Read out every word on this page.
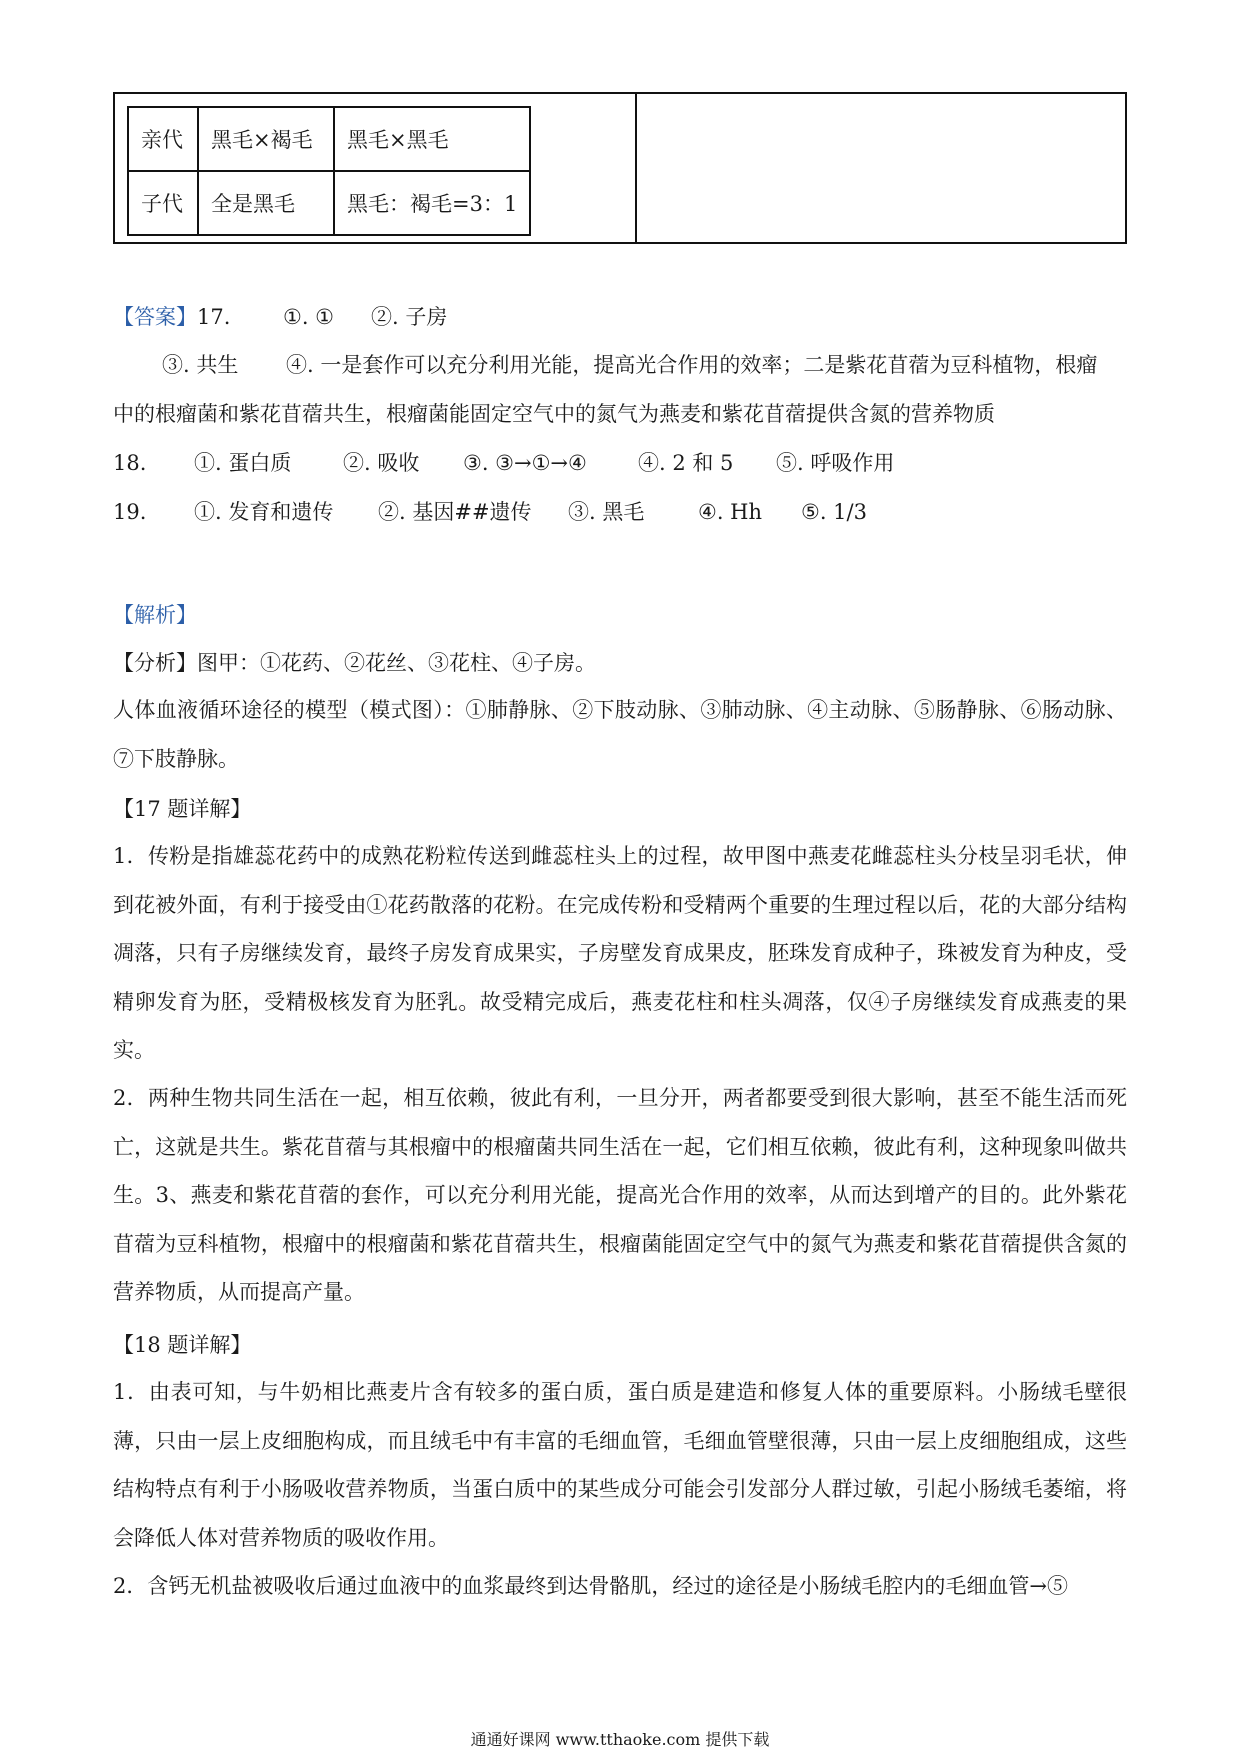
亲代	黑毛×褐毛	黑毛×黑毛
子代	全是黑毛	黑毛：褐毛=3：1
【答案】17.	①. ① ②. 子房
③. 共生 ④. 一是套作可以充分利用光能，提高光合作用的效率；二是紫花苜蓿为豆科植物，根瘤
中的根瘤菌和紫花苜蓿共生，根瘤菌能固定空气中的氮气为燕麦和紫花苜蓿提供含氮的营养物质
18. ①. 蛋白质 ②. 吸收 ③. ③→①→④ ④. 2 和 5 ⑤. 呼吸作用
19. ①. 发育和遗传 ②. 基因##遗传 ③. 黑毛	④. Hh ⑤. 1/3
【解析】
【分析】图甲：①花药、②花丝、③花柱、④子房。
人体血液循环途径的模型（模式图）：①肺静脉、②下肢动脉、③肺动脉、④主动脉、⑤肠静脉、⑥肠动脉、⑦下肢静脉。
【17 题详解】
1．传粉是指雄蕊花药中的成熟花粉粒传送到雌蕊柱头上的过程，故甲图中燕麦花雌蕊柱头分枝呈羽毛状，伸到花被外面，有利于接受由①花药散落的花粉。在完成传粉和受精两个重要的生理过程以后，花的大部分结构凋落，只有子房继续发育，最终子房发育成果实，子房壁发育成果皮，胚珠发育成种子，珠被发育为种皮，受精卵发育为胚，受精极核发育为胚乳。故受精完成后，燕麦花柱和柱头凋落，仅④子房继续发育成燕麦的果实。
2．两种生物共同生活在一起，相互依赖，彼此有利，一旦分开，两者都要受到很大影响，甚至不能生活而死亡，这就是共生。紫花苜蓿与其根瘤中的根瘤菌共同生活在一起，它们相互依赖，彼此有利，这种现象叫做共生。3、燕麦和紫花苜蓿的套作，可以充分利用光能，提高光合作用的效率，从而达到增产的目的。此外紫花苜蓿为豆科植物，根瘤中的根瘤菌和紫花苜蓿共生，根瘤菌能固定空气中的氮气为燕麦和紫花苜蓿提供含氮的营养物质，从而提高产量。
【18 题详解】
1．由表可知，与牛奶相比燕麦片含有较多的蛋白质，蛋白质是建造和修复人体的重要原料。小肠绒毛壁很薄，只由一层上皮细胞构成，而且绒毛中有丰富的毛细血管，毛细血管壁很薄，只由一层上皮细胞组成，这些结构特点有利于小肠吸收营养物质，当蛋白质中的某些成分可能会引发部分人群过敏，引起小肠绒毛萎缩，将会降低人体对营养物质的吸收作用。
2．含钙无机盐被吸收后通过血液中的血浆最终到达骨骼肌，经过的途径是小肠绒毛腔内的毛细血管→⑤
通通好课网 www.tthaoke.com 提供下载
